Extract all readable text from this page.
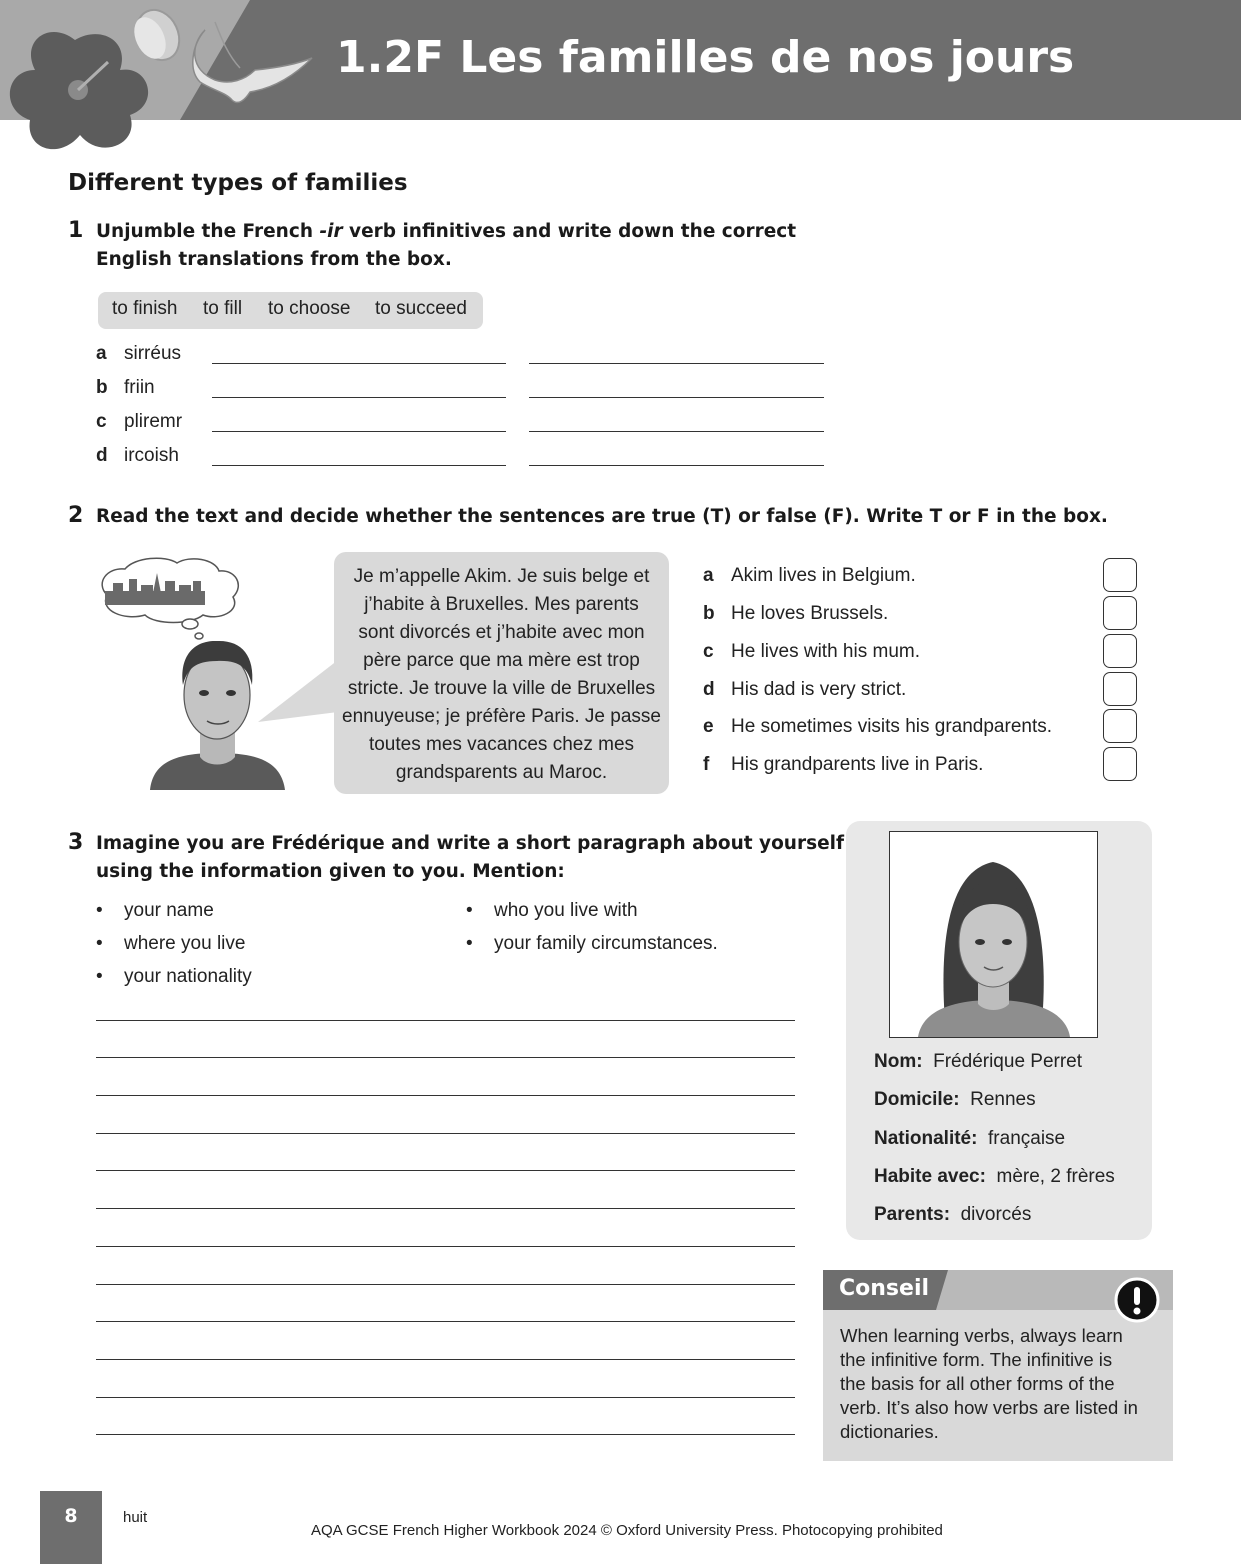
1.2F Les familles de nos jours
Different types of families
1 Unjumble the French -ir verb infinitives and write down the correct
English translations from the box.
to finish to fill to choose to succeed
a sirréus
b friin
c pliremr
d ircoish
2 Read the text and decide whether the sentences are true (T) or false (F). Write T or F in the box.
Je m’appelle Akim. Je suis belge et
j’habite à Bruxelles. Mes parents
sont divorcés et j’habite avec mon
père parce que ma mère est trop
stricte. Je trouve la ville de Bruxelles
ennuyeuse; je préfère Paris. Je passe
toutes mes vacances chez mes
grandsparents au Maroc.
a Akim lives in Belgium.
b He loves Brussels.
c He lives with his mum.
d His dad is very strict.
e He sometimes visits his grandparents.
f His grandparents live in Paris.
3 Imagine you are Frédérique and write a short paragraph about yourself
using the information given to you. Mention:
• your name
• where you live
• your nationality
• who you live with
• your family circumstances.
Nom: Frédérique Perret
Domicile: Rennes
Nationalité: française
Habite avec: mère, 2 frères
Parents: divorcés
Conseil
When learning verbs, always learn
the infinitive form. The infinitive is
the basis for all other forms of the
verb. It’s also how verbs are listed in
dictionaries.
8	huit
AQA GCSE French Higher Workbook 2024 © Oxford University Press. Photocopying prohibited
